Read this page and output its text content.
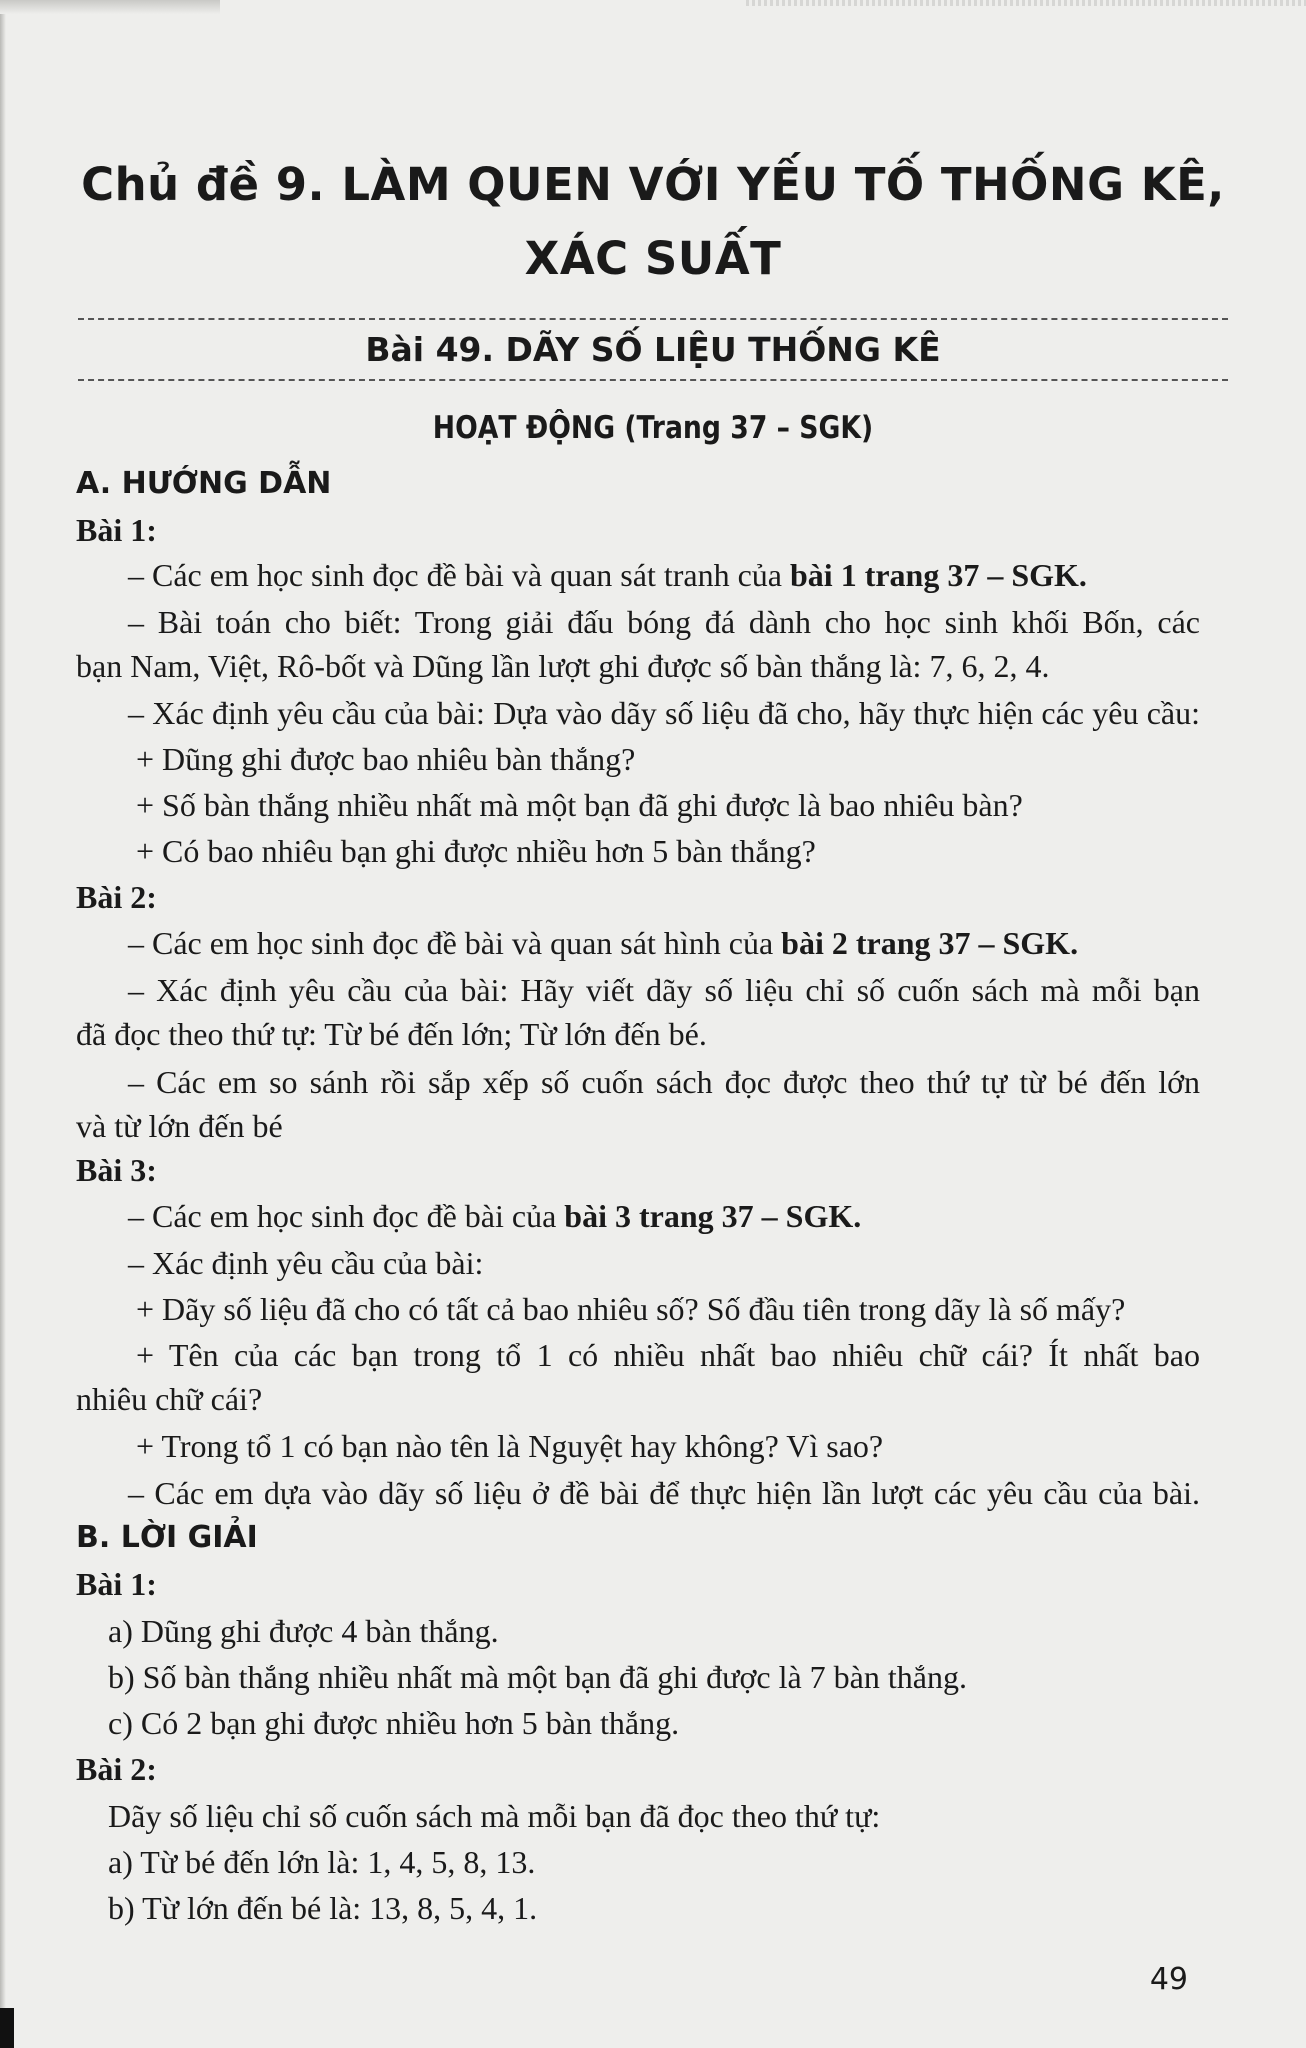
Chủ đề 9. LÀM QUEN VỚI YẾU TỐ THỐNG KÊ,
XÁC SUẤT
Bài 49. DÃY SỐ LIỆU THỐNG KÊ
HOẠT ĐỘNG (Trang 37 – SGK)
A. HƯỚNG DẪN
Bài 1:
– Các em học sinh đọc đề bài và quan sát tranh của bài 1 trang 37 – SGK.
– Bài toán cho biết: Trong giải đấu bóng đá dành cho học sinh khối Bốn, các
bạn Nam, Việt, Rô-bốt và Dũng lần lượt ghi được số bàn thắng là: 7, 6, 2, 4.
– Xác định yêu cầu của bài: Dựa vào dãy số liệu đã cho, hãy thực hiện các yêu cầu:
+ Dũng ghi được bao nhiêu bàn thắng?
+ Số bàn thắng nhiều nhất mà một bạn đã ghi được là bao nhiêu bàn?
+ Có bao nhiêu bạn ghi được nhiều hơn 5 bàn thắng?
Bài 2:
– Các em học sinh đọc đề bài và quan sát hình của bài 2 trang 37 – SGK.
– Xác định yêu cầu của bài: Hãy viết dãy số liệu chỉ số cuốn sách mà mỗi bạn
đã đọc theo thứ tự: Từ bé đến lớn; Từ lớn đến bé.
– Các em so sánh rồi sắp xếp số cuốn sách đọc được theo thứ tự từ bé đến lớn
và từ lớn đến bé
Bài 3:
– Các em học sinh đọc đề bài của bài 3 trang 37 – SGK.
– Xác định yêu cầu của bài:
+ Dãy số liệu đã cho có tất cả bao nhiêu số? Số đầu tiên trong dãy là số mấy?
+ Tên của các bạn trong tổ 1 có nhiều nhất bao nhiêu chữ cái? Ít nhất bao
nhiêu chữ cái?
+ Trong tổ 1 có bạn nào tên là Nguyệt hay không? Vì sao?
– Các em dựa vào dãy số liệu ở đề bài để thực hiện lần lượt các yêu cầu của bài.
B. LỜI GIẢI
Bài 1:
a) Dũng ghi được 4 bàn thắng.
b) Số bàn thắng nhiều nhất mà một bạn đã ghi được là 7 bàn thắng.
c) Có 2 bạn ghi được nhiều hơn 5 bàn thắng.
Bài 2:
Dãy số liệu chỉ số cuốn sách mà mỗi bạn đã đọc theo thứ tự:
a) Từ bé đến lớn là: 1, 4, 5, 8, 13.
b) Từ lớn đến bé là: 13, 8, 5, 4, 1.
49
